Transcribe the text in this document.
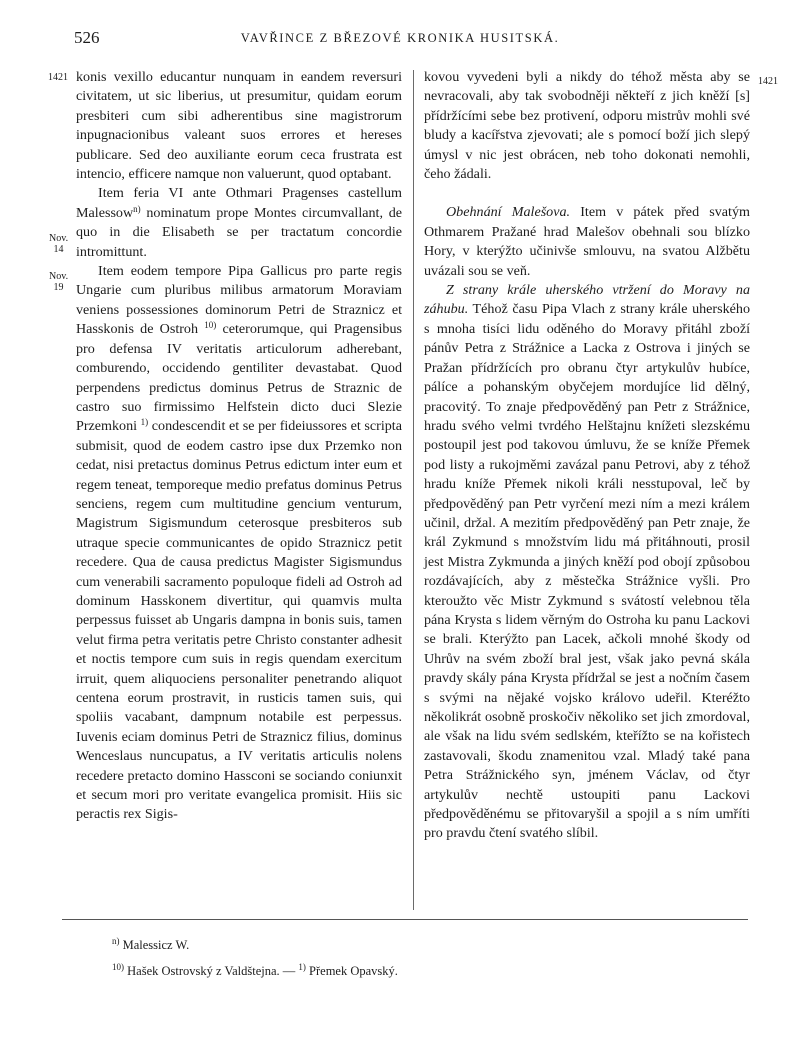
526	VAVŘINCE Z BŘEZOVÉ KRONIKA HUSITSKÁ.
1421	1421
Nov.
14
Nov.
19

konis vexillo educantur nunquam in eandem reversuri civitatem, ut sic liberius, ut presumitur, quidam eorum presbiteri cum sibi adherentibus sine magistrorum inpugnacionibus valeant suos errores et hereses publicare. Sed deo auxiliante eorum ceca frustrata est intencio, efficere namque non valuerunt, quod optabant.

Item feria VI ante Othmari Pragenses castellum Malessow$^{n)}$ nominatum prope Montes circumvallant, de quo in die Elisabeth se per tractatum concordie intromittunt.

Item eodem tempore Pipa Gallicus pro parte regis Ungarie cum pluribus milibus armatorum Moraviam veniens possessiones dominorum Petri de Straznicz et Hasskonis de Ostroh $^{10)}$ ceterorumque, qui Pragensibus pro defensa IV veritatis articulorum adherebant, comburendo, occidendo gentiliter devastabat. Quod perpendens predictus dominus Petrus de Straznic de castro suo firmissimo Helfstein dicto duci Slezie Przemkoni $^{1)}$ condescendit et se per fideiussores et scripta submisit, quod de eodem castro ipse dux Przemko non cedat, nisi pretactus dominus Petrus edictum inter eum et regem teneat, temporeque medio prefatus dominus Petrus senciens, regem cum multitudine gencium venturum, Magistrum Sigismundum ceterosque presbiteros sub utraque specie communicantes de opido Straznicz petit recedere. Qua de causa predictus Magister Sigismundus cum venerabili sacramento populoque fideli ad Ostroh ad dominum Hasskonem divertitur, qui quamvis multa perpessus fuisset ab Ungaris dampna in bonis suis, tamen velut firma petra veritatis petre Christo constanter adhesit et noctis tempore cum suis in regis quendam exercitum irruit, quem aliquociens personaliter penetrando aliquot centena eorum prostravit, in rusticis tamen suis, qui spoliis vacabant, dampnum notabile est perpessus. Iuvenis eciam dominus Petri de Straznicz filius, dominus Wenceslaus nuncupatus, a IV veritatis articulis nolens recedere pretacto domino Hassconi se sociando coniunxit et secum mori pro veritate evangelica promisit. Hiis sic peractis rex Sigis-

kovou vyvedeni byli a nikdy do téhož města aby se nevracovali, aby tak svobodněji někteří z jich kněží [s] přídržícími sebe bez protivení, odporu mistrův mohli své bludy a kacířstva zjevovati; ale s pomocí boží jich slepý úmysl v nic jest obrácen, neb toho dokonati nemohli, čeho žádali.

Obehnání Malešova. Item v pátek před svatým Othmarem Pražané hrad Malešov obehnali sou blízko Hory, v kterýžto učinivše smlouvu, na svatou Alžbětu uvázali sou se veň.

Z strany krále uherského vtržení do Moravy na záhubu. Téhož času Pipa Vlach z strany krále uherského s mnoha tisíci lidu oděného do Moravy přitáhl zboží pánův Petra z Strážnice a Lacka z Ostrova i jiných se Pražan přídržících pro obranu čtyr artykulův hubíce, pálíce a pohanským obyčejem mordujíce lid dělný, pracovitý. To znaje předpověděný pan Petr z Strážnice, hradu svého velmi tvrdého Helštajnu knížeti slezskému postoupil jest pod takovou úmluvu, že se kníže Přemek pod listy a rukojměmi zavázal panu Petrovi, aby z téhož hradu kníže Přemek nikoli králi nesstupoval, leč by předpověděný pan Petr vyrčení mezi ním a mezi králem učinil, držal. A mezitím předpověděný pan Petr znaje, že král Zykmund s množstvím lidu má přitáhnouti, prosil jest Mistra Zykmunda a jiných kněží pod obojí způsobou rozdávajících, aby z městečka Strážnice vyšli. Pro kteroužto věc Mistr Zykmund s svátostí velebnou těla pána Krysta s lidem věrným do Ostroha ku panu Lackovi se brali. Kterýžto pan Lacek, ačkoli mnohé škody od Uhrův na svém zboží bral jest, však jako pevná skála pravdy skály pána Krysta přídržal se jest a nočním časem s svými na nějaké vojsko královo udeřil. Kteréžto několikrát osobně proskočiv několiko set jich zmordoval, ale však na lidu svém sedlském, kteřížto se na kořistech zastavovali, škodu znamenitou vzal. Mladý také pana Petra Strážnického syn, jménem Václav, od čtyr artykulův nechtě ustoupiti panu Lackovi předpověděnému se přitovaryšil a spojil a s ním umříti pro pravdu čtení svatého slíbil.

$^{n)}$ Malessicz W.

$^{10)}$ Hašek Ostrovský z Valdštejna. — $^{1)}$ Přemek Opavský.
